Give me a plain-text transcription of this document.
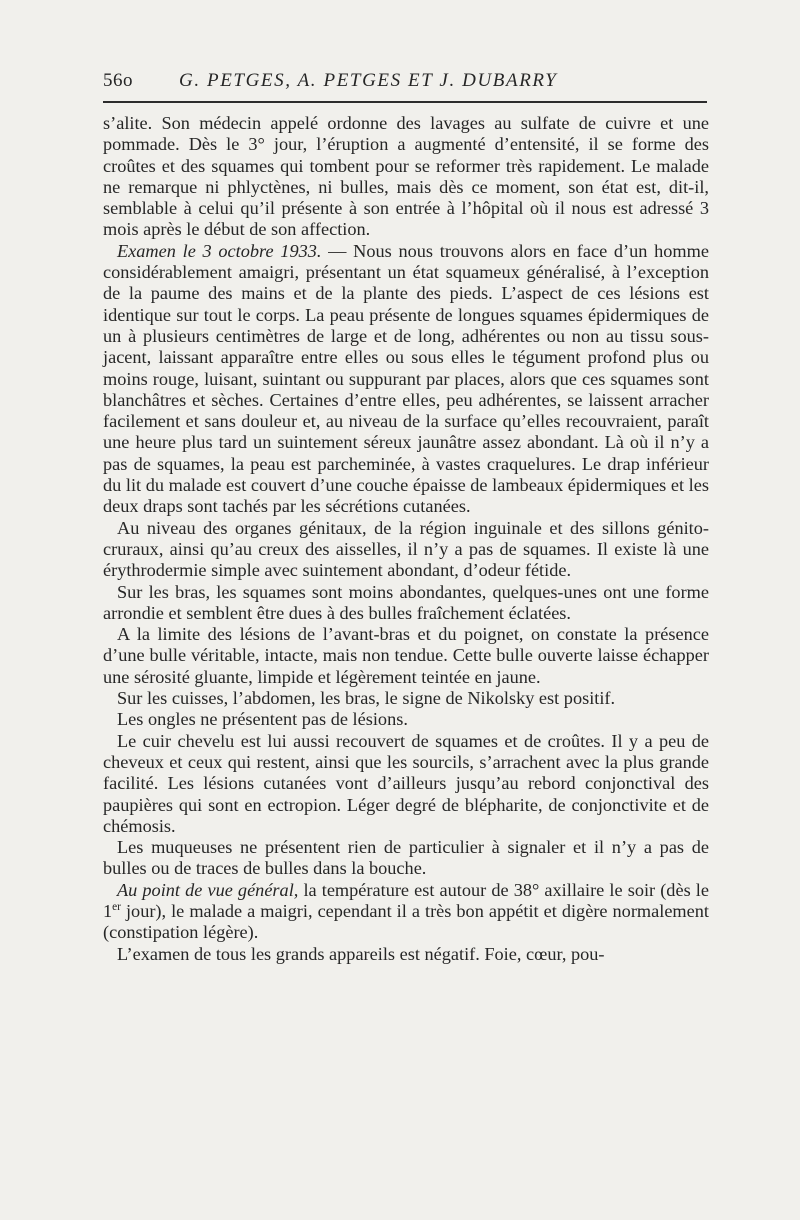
56o G. PETGES, A. PETGES ET J. DUBARRY

s’alite. Son médecin appelé ordonne des lavages au sulfate de cuivre et une pommade. Dès le 3° jour, l’éruption a augmenté d’entensité, il se forme des croûtes et des squames qui tombent pour se reformer très rapidement. Le malade ne remarque ni phlyctènes, ni bulles, mais dès ce moment, son état est, dit-il, semblable à celui qu’il présente à son entrée à l’hôpital où il nous est adressé 3 mois après le début de son affection.

Examen le 3 octobre 1933. — Nous nous trouvons alors en face d’un homme considérablement amaigri, présentant un état squameux généralisé, à l’exception de la paume des mains et de la plante des pieds. L’aspect de ces lésions est identique sur tout le corps. La peau présente de longues squames épidermiques de un à plusieurs centimètres de large et de long, adhérentes ou non au tissu sous-jacent, laissant apparaître entre elles ou sous elles le tégument profond plus ou moins rouge, luisant, suintant ou suppurant par places, alors que ces squames sont blanchâtres et sèches. Certaines d’entre elles, peu adhérentes, se laissent arracher facilement et sans douleur et, au niveau de la surface qu’elles recouvraient, paraît une heure plus tard un suintement séreux jaunâtre assez abondant. Là où il n’y a pas de squames, la peau est parcheminée, à vastes craquelures. Le drap inférieur du lit du malade est couvert d’une couche épaisse de lambeaux épidermiques et les deux draps sont tachés par les sécrétions cutanées.

Au niveau des organes génitaux, de la région inguinale et des sillons génito-cruraux, ainsi qu’au creux des aisselles, il n’y a pas de squames. Il existe là une érythrodermie simple avec suintement abondant, d’odeur fétide.

Sur les bras, les squames sont moins abondantes, quelques-unes ont une forme arrondie et semblent être dues à des bulles fraîchement éclatées.

A la limite des lésions de l’avant-bras et du poignet, on constate la présence d’une bulle véritable, intacte, mais non tendue. Cette bulle ouverte laisse échapper une sérosité gluante, limpide et légèrement teintée en jaune.

Sur les cuisses, l’abdomen, les bras, le signe de Nikolsky est positif.

Les ongles ne présentent pas de lésions.

Le cuir chevelu est lui aussi recouvert de squames et de croûtes. Il y a peu de cheveux et ceux qui restent, ainsi que les sourcils, s’arrachent avec la plus grande facilité. Les lésions cutanées vont d’ailleurs jusqu’au rebord conjonctival des paupières qui sont en ectropion. Léger degré de blépharite, de conjonctivite et de chémosis.

Les muqueuses ne présentent rien de particulier à signaler et il n’y a pas de bulles ou de traces de bulles dans la bouche.

Au point de vue général, la température est autour de 38° axillaire le soir (dès le 1er jour), le malade a maigri, cependant il a très bon appétit et digère normalement (constipation légère).

L’examen de tous les grands appareils est négatif. Foie, cœur, pou-
